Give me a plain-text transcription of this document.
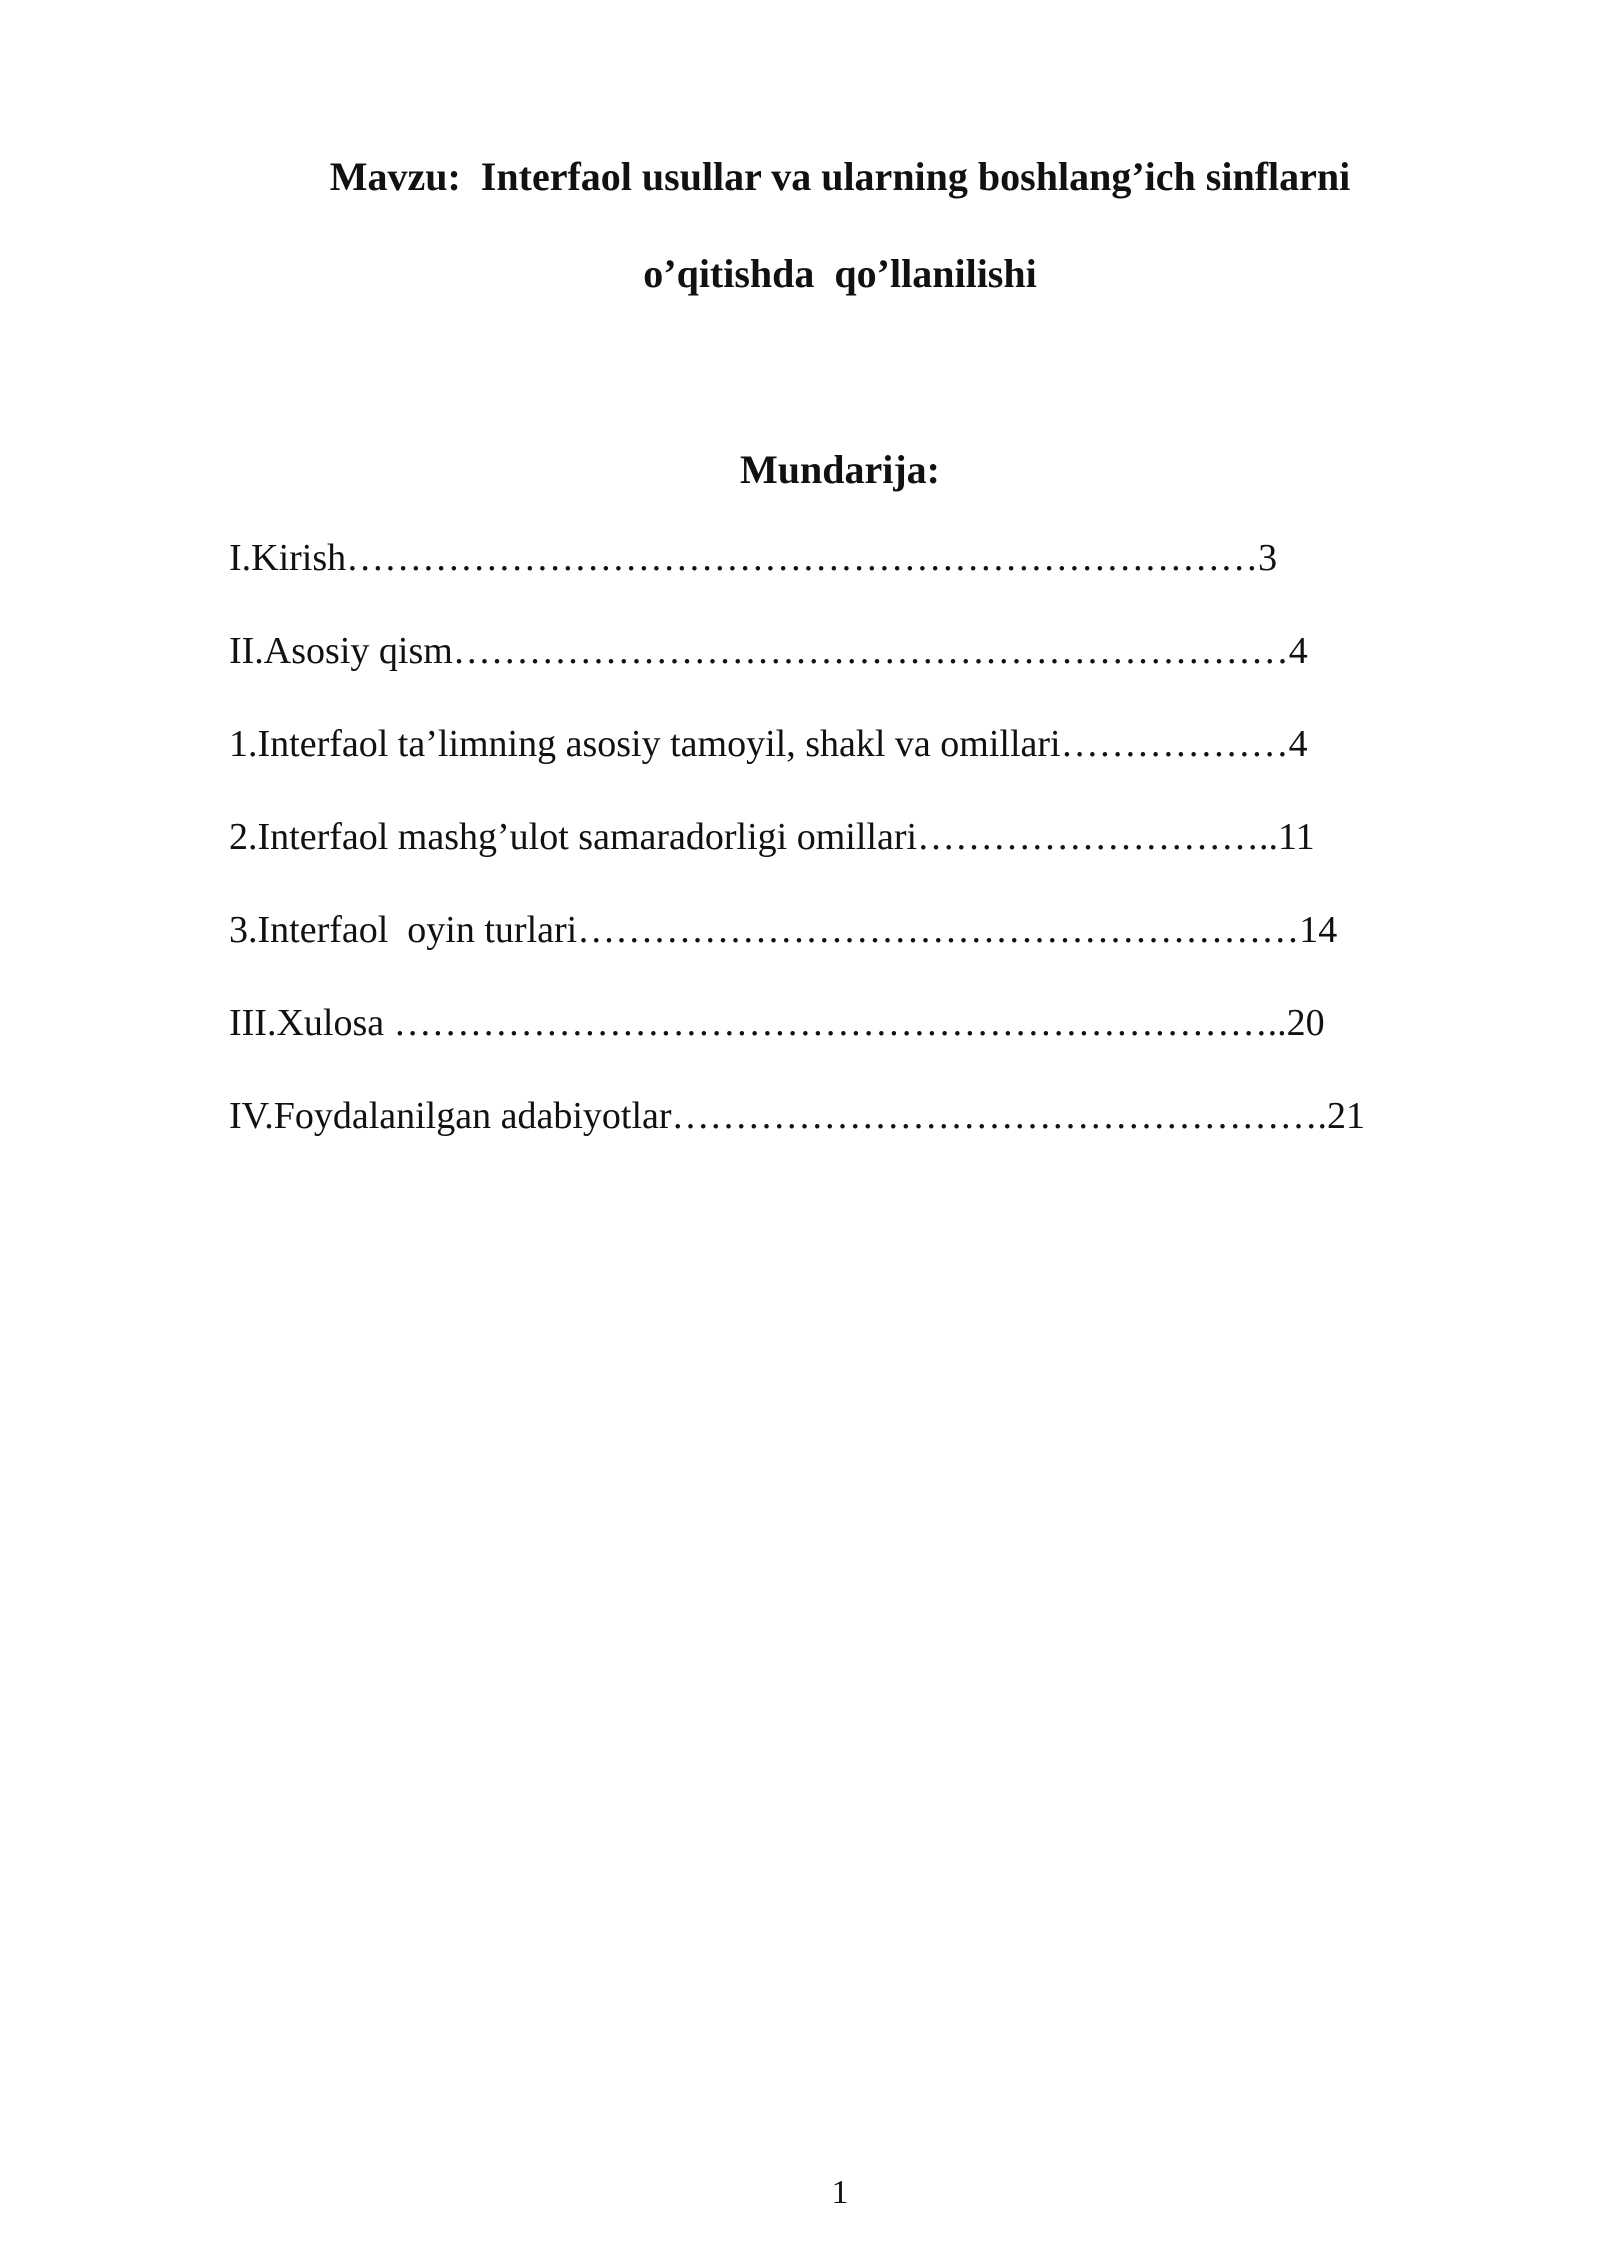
Mavzu:  Interfaol usullar va ularning boshlang’ich sinflarni
o’qitishda  qo’llanilishi
Mundarija:
I.Kirish………………………………………………………………3
II.Asosiy qism…………………………………………………………4
1.Interfaol ta’limning asosiy tamoyil, shakl va omillari………………4
2.Interfaol mashg’ulot samaradorligi omillari………………………..11
3.Interfaol  oyin turlari…………………………………………………14
III.Xulosa ……………………………………………………………..20
IV.Foydalanilgan adabiyotlar…………………………………………….21
1
